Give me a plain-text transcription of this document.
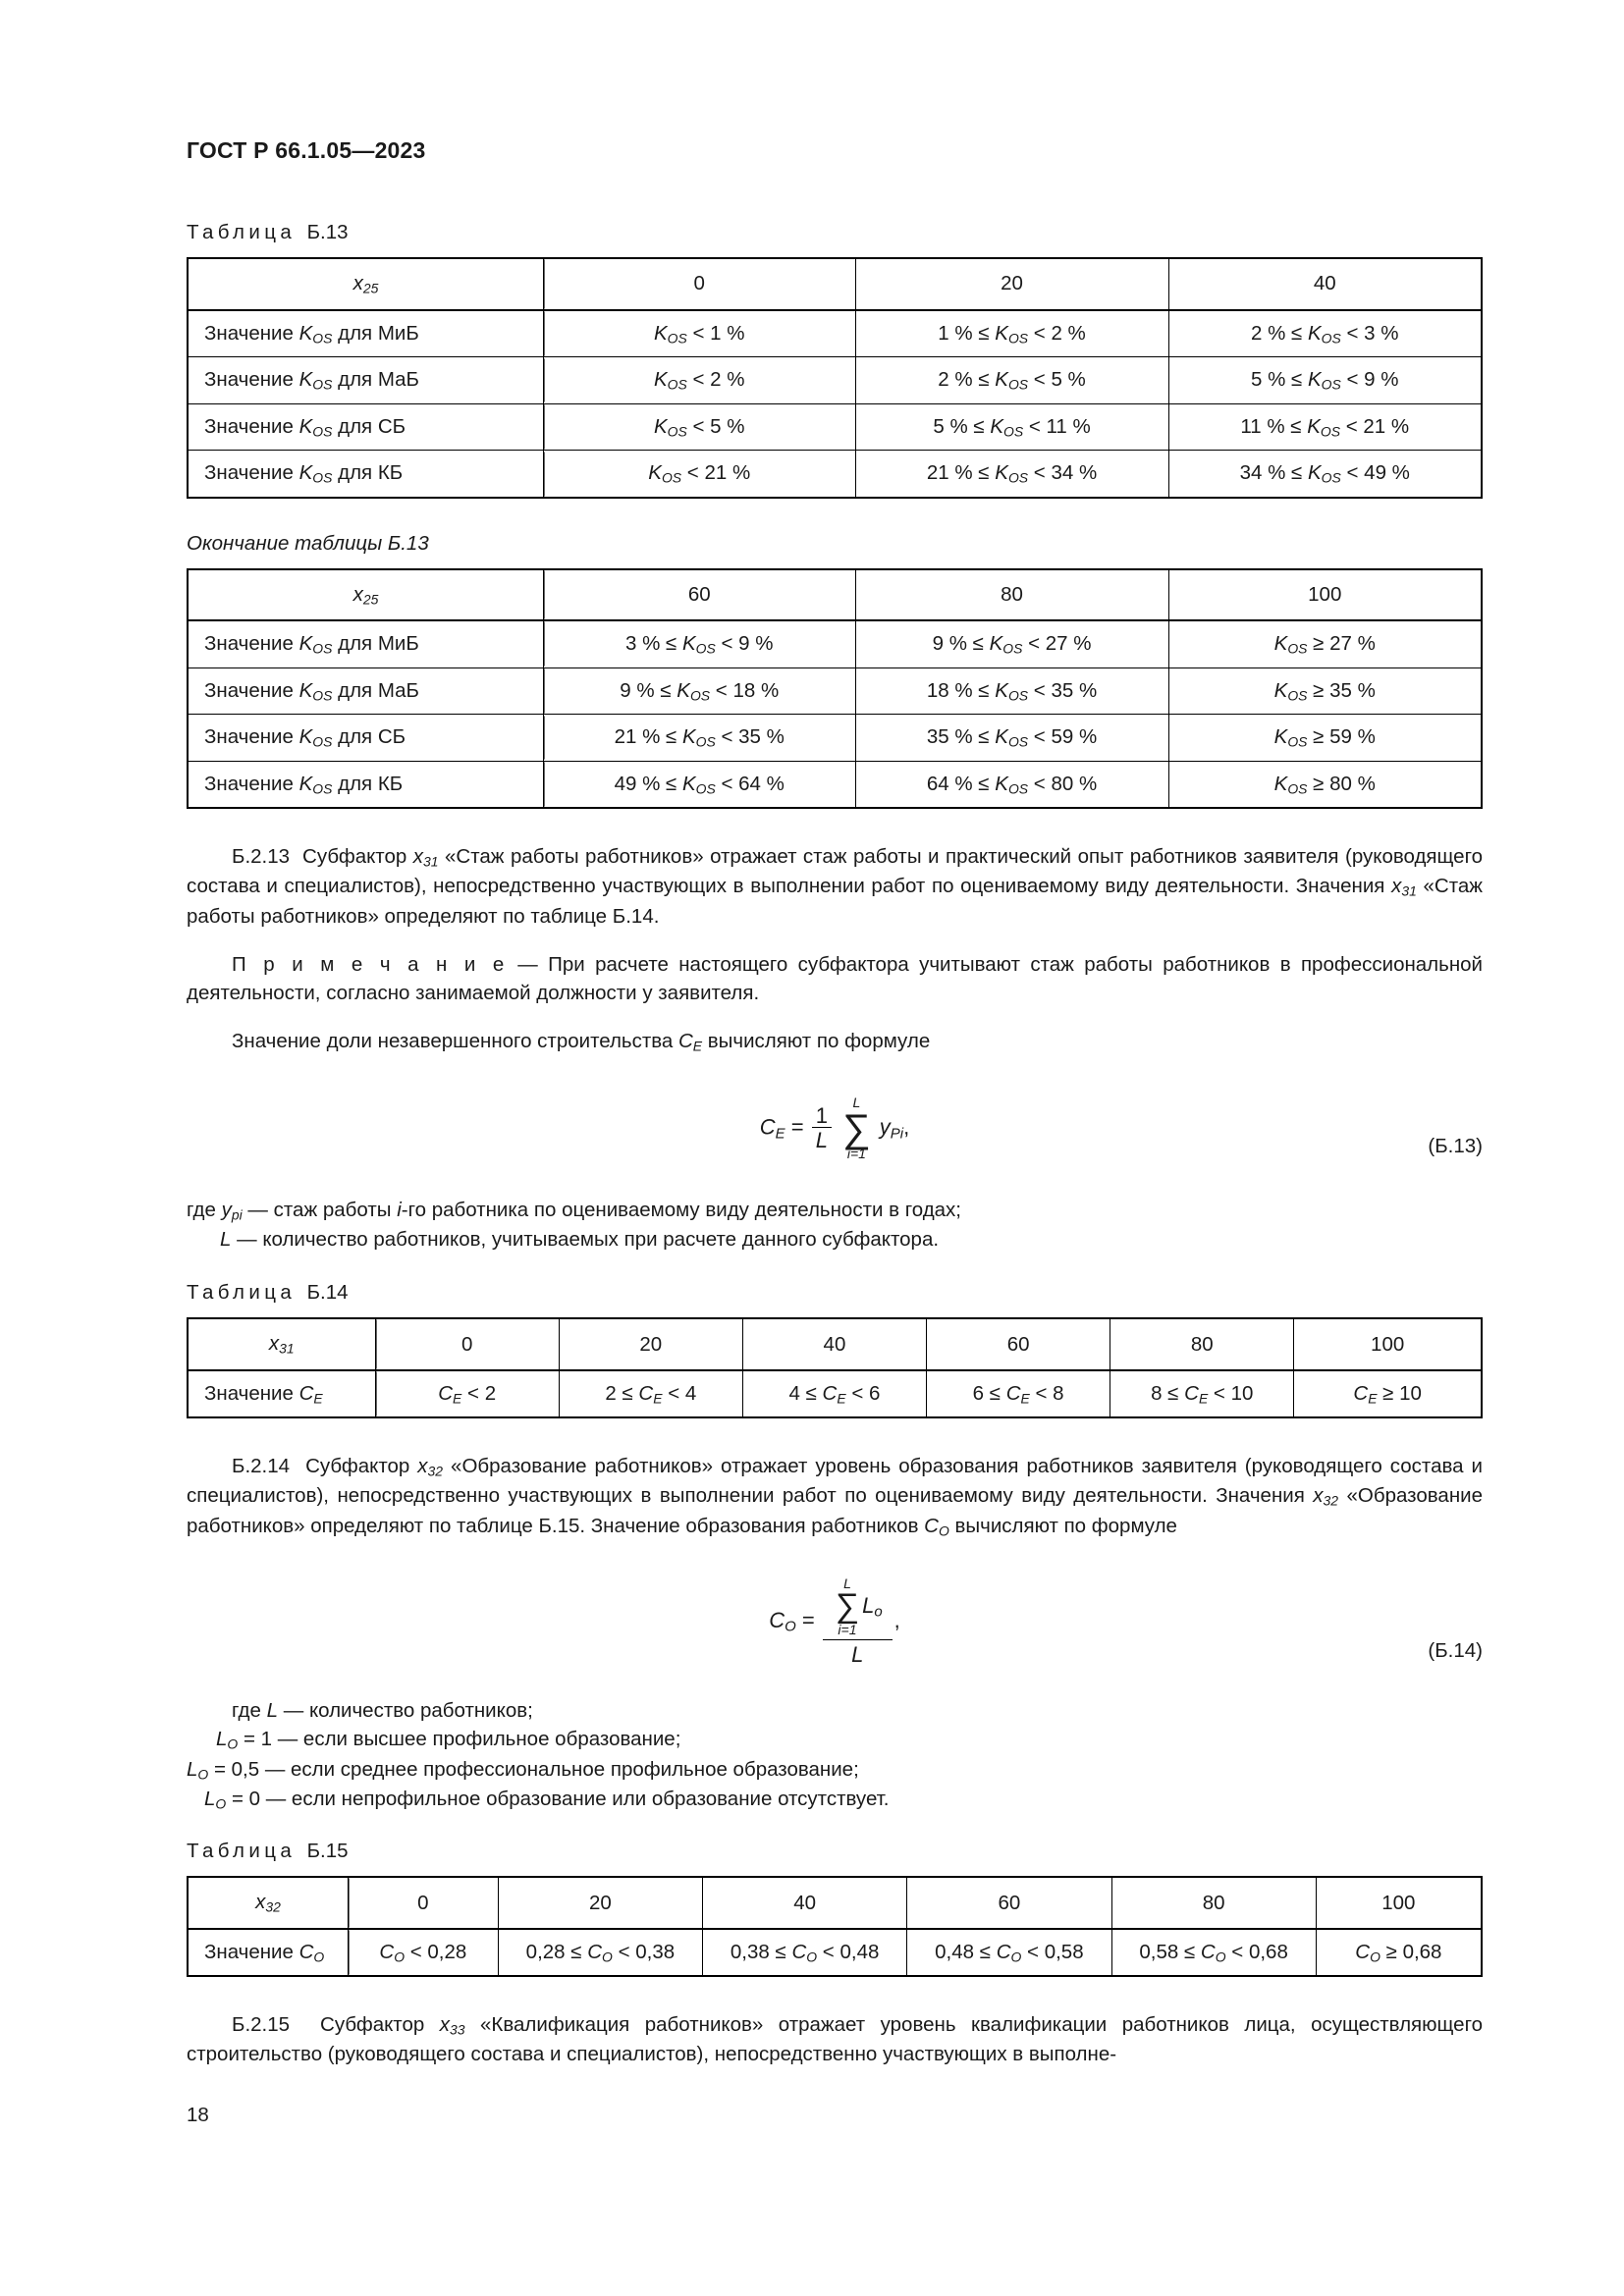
ГОСТ Р 66.1.05—2023
Таблица Б.13
$x_{25}$	0	20	40
Значение $K_{OS}$ для МиБ	$K_{OS} < 1$ %	1 % ≤ $K_{OS} < 2$ %	2 % ≤ $K_{OS} < 3$ %
Значение $K_{OS}$ для МаБ	$K_{OS} < 2$ %	2 % ≤ $K_{OS} < 5$ %	5 % ≤ $K_{OS} < 9$ %
Значение $K_{OS}$ для СБ	$K_{OS} < 5$ %	5 % ≤ $K_{OS} < 11$ %	11 % ≤ $K_{OS} < 21$ %
Значение $K_{OS}$ для КБ	$K_{OS} < 21$ %	21 % ≤ $K_{OS} < 34$ %	34 % ≤ $K_{OS} < 49$ %
Окончание таблицы Б.13
$x_{25}$	60	80	100
Значение $K_{OS}$ для МиБ	3 % ≤ $K_{OS} < 9$ %	9 % ≤ $K_{OS} < 27$ %	$K_{OS} \ge 27$ %
Значение $K_{OS}$ для МаБ	9 % ≤ $K_{OS} < 18$ %	18 % ≤ $K_{OS} < 35$ %	$K_{OS} \ge 35$ %
Значение $K_{OS}$ для СБ	21 % ≤ $K_{OS} < 35$ %	35 % ≤ $K_{OS} < 59$ %	$K_{OS} \ge 59$ %
Значение $K_{OS}$ для КБ	49 % ≤ $K_{OS} < 64$ %	64 % ≤ $K_{OS} < 80$ %	$K_{OS} \ge 80$ %

Б.2.13 Субфактор $x_{31}$ «Стаж работы работников» отражает стаж работы и практический опыт работников заявителя (руководящего состава и специалистов), непосредственно участвующих в выполнении работ по оцениваемому виду деятельности. Значения $x_{31}$ «Стаж работы работников» определяют по таблице Б.14.

П р и м е ч а н и е — При расчете настоящего субфактора учитывают стаж работы работников в профессиональной деятельности, согласно занимаемой должности у заявителя.

Значение доли незавершенного строительства $C_E$ вычисляют по формуле

$C_E = \frac{1}{L}$

L
∑
i=1
$y_{Pi}$,
(Б.13)
где $y_{pi}$ — стаж работы i-го работника по оцениваемому виду деятельности в годах;
L — количество работников, учитываемых при расчете данного субфактора.
Таблица Б.14
$x_{31}$	0	20	40	60	80	100
Значение $C_E$	$C_E < 2$	$2 \le C_E < 4$	$4 \le C_E < 6$	$6 \le C_E < 8$	$8 \le C_E < 10$	$C_E \ge 10$

Б.2.14 Субфактор $x_{32}$ «Образование работников» отражает уровень образования работников заявителя (руководящего состава и специалистов), непосредственно участвующих в выполнении работ по оцениваемому виду деятельности. Значения $x_{32}$ «Образование работников» определяют по таблице Б.15. Значение образования работников $C_O$ вычисляют по формуле

$C_O = L$
∑
i=1
$L_o$
L ,
(Б.14)
где L — количество работников;
$L_O = 1$ — если высшее профильное образование;
$L_O = 0,5$ — если среднее профессиональное профильное образование;
$L_O = 0$ — если непрофильное образование или образование отсутствует.
Таблица Б.15
$x_{32}$	0	20	40	60	80	100
Значение $C_O$	$C_O < 0,28$	$0,28 \le C_O < 0,38$	$0,38 \le C_O < 0,48$	$0,48 \le C_O < 0,58$	$0,58 \le C_O < 0,68$	$C_O \ge 0,68$

Б.2.15 Субфактор $x_{33}$ «Квалификация работников» отражает уровень квалификации работников лица, осуществляющего строительство (руководящего состава и специалистов), непосредственно участвующих в выполне-

18
